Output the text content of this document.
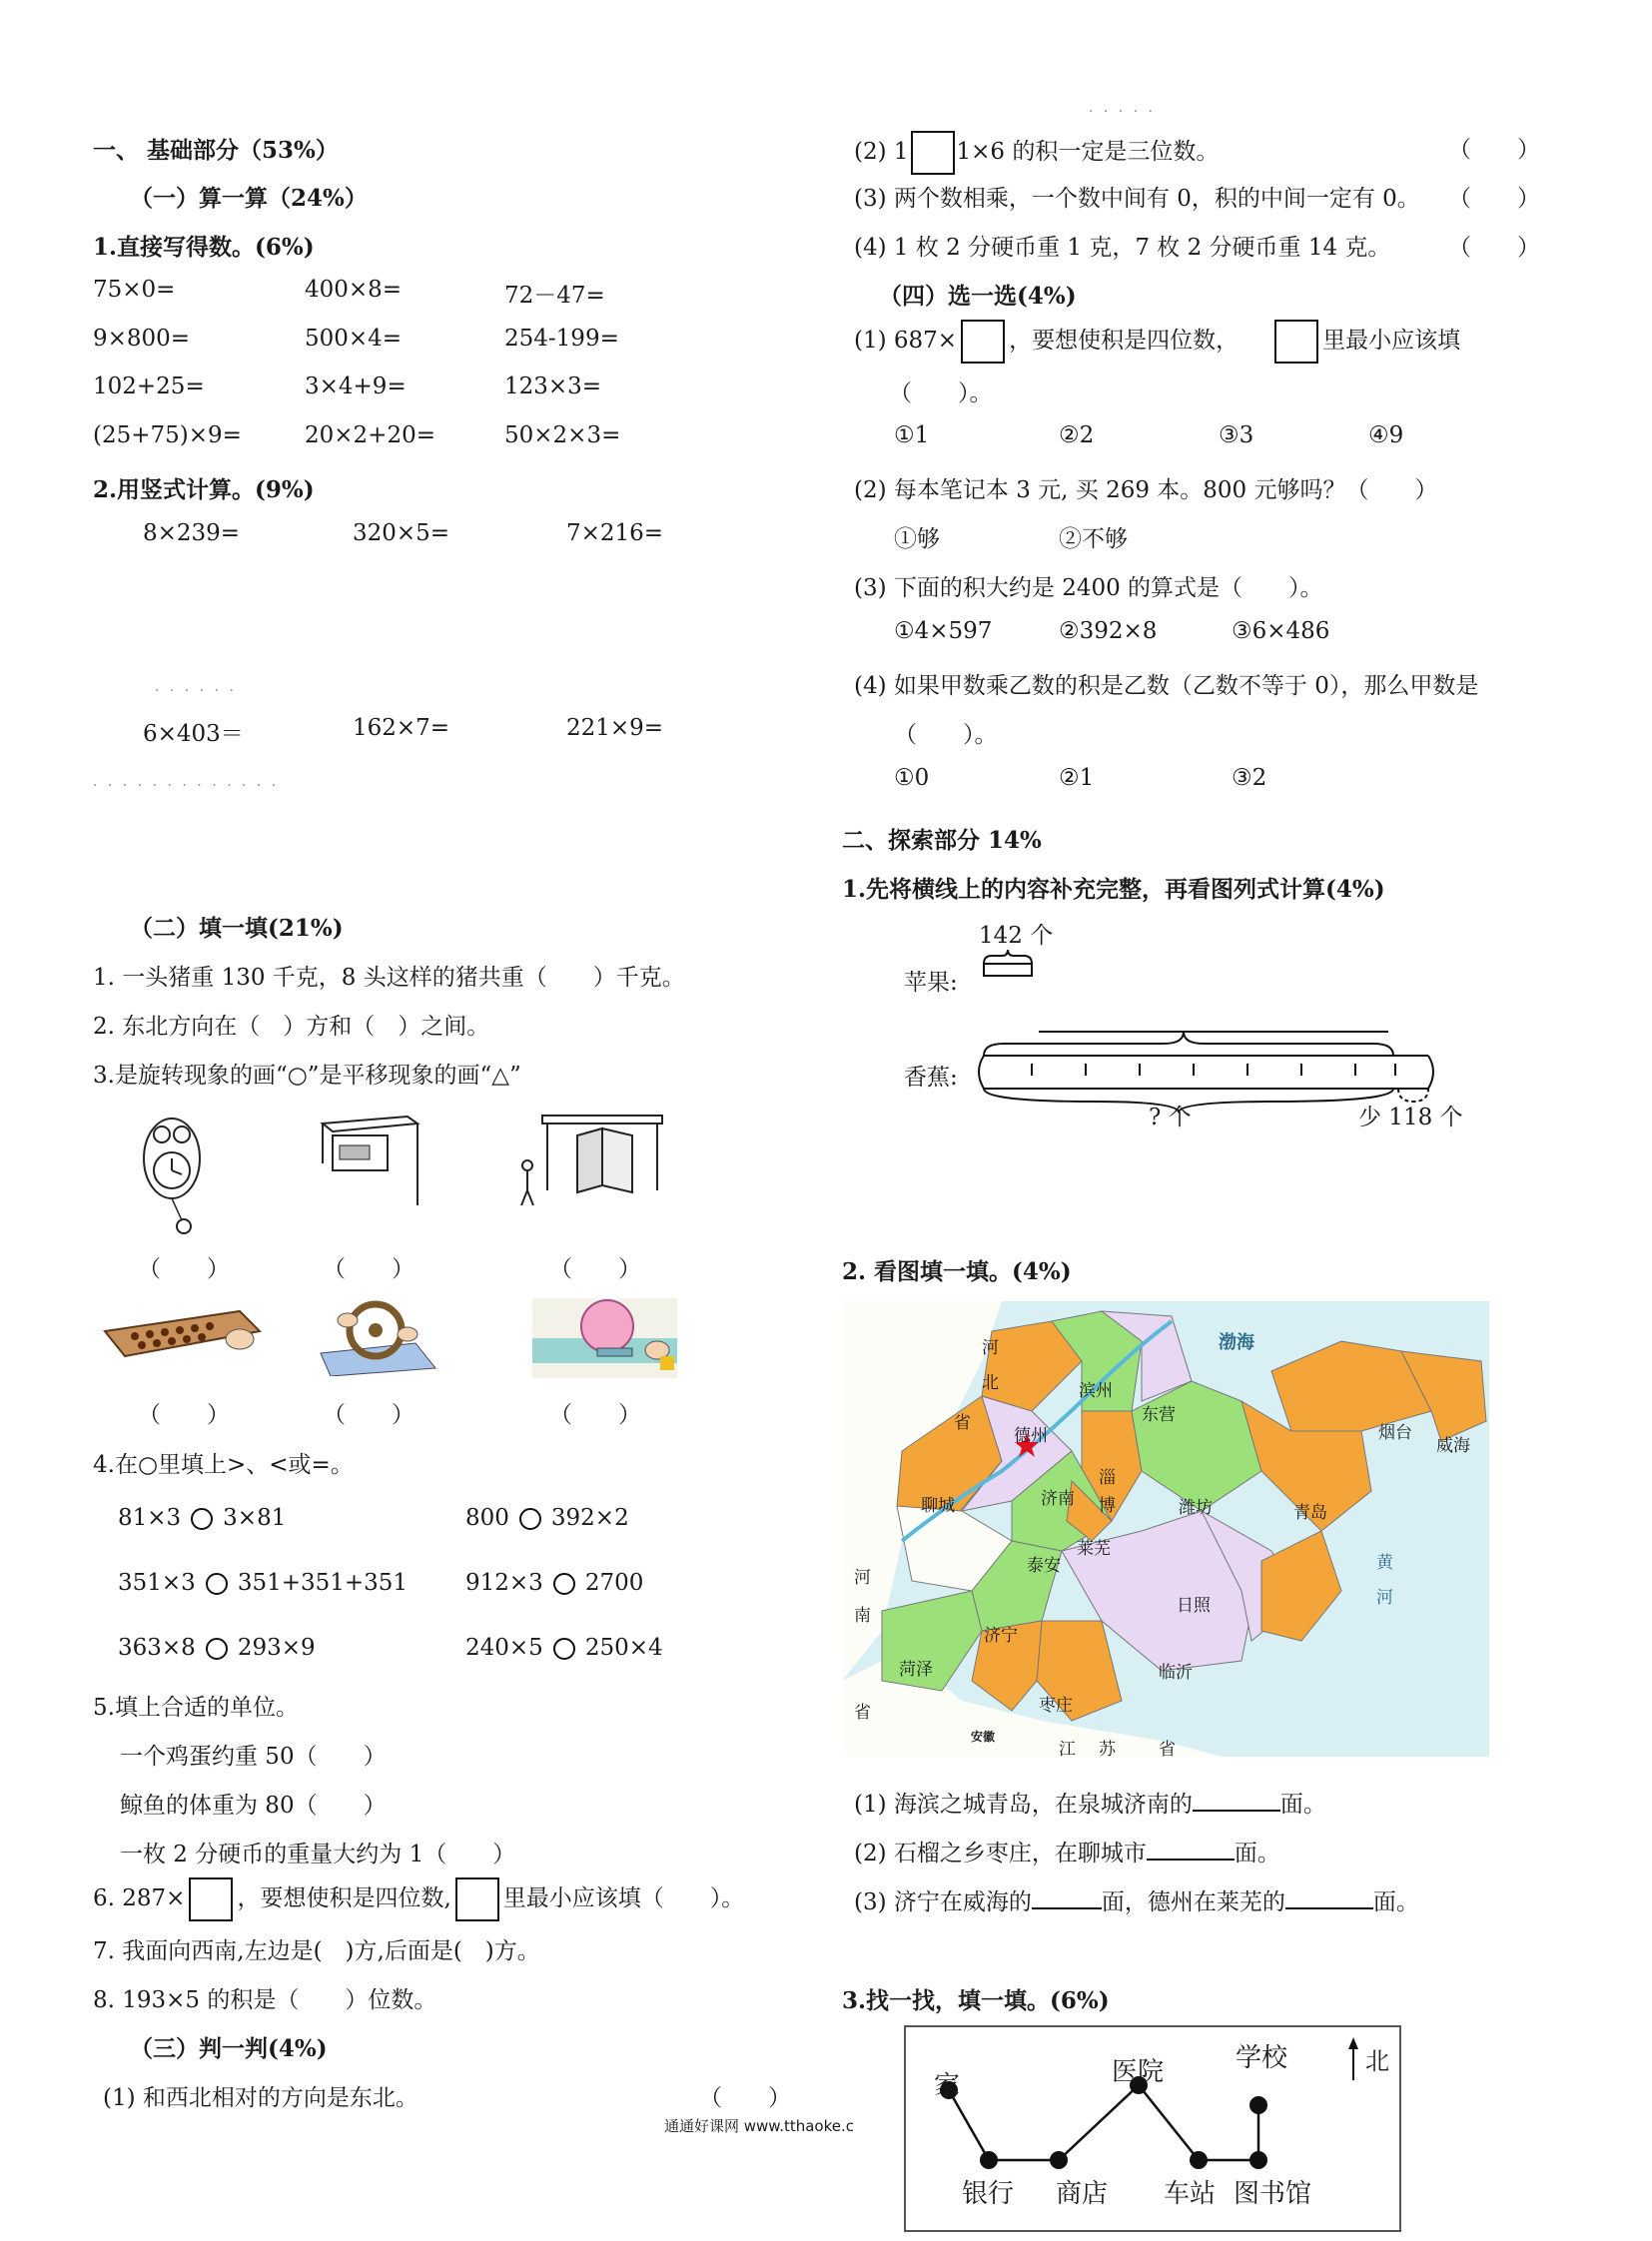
. . . . .
一、 基础部分（53%）
（一）算一算（24%）
1.直接写得数。(6%)
75×0=	400×8=	72－47=
9×800=	500×4=	254-199=
102+25=	3×4+9=	123×3=
(25+75)×9=	20×2+20=	50×2×3=
2.用竖式计算。(9%)
8×239=	320×5=	7×216=
. . . . . .
6×403＝	162×7=	221×9=
. . . . . . . . . . . . .
（二）填一填(21%)
1. 一头猪重 130 千克，8 头这样的猪共重（　　）千克。
2. 东北方向在（　）方和（　）之间。
3.是旋转现象的画“○”是平移现象的画“△”
（　　）	（　　）	（　　）
（　　）	（　　）	（　　）
4.在○里填上>、<或=。
81×3 3×81	800 392×2
351×3 351+351+351	912×3 2700
363×8 293×9	240×5 250×4
5.填上合适的单位。
一个鸡蛋约重 50（　　）
鲸鱼的体重为 80（　　）
一枚 2 分硬币的重量大约为 1（　　）
6. 287× ，要想使积是四位数, 里最小应该填（　　）。
7. 我面向西南,左边是(　)方,后面是(　)方。
8. 193×5 的积是（　　）位数。
（三）判一判(4%)
(1) 和西北相对的方向是东北。	（　　）
(2) 1 1×6 的积一定是三位数。	（　　）
(3) 两个数相乘，一个数中间有 0，积的中间一定有 0。 （　　）
(4) 1 枚 2 分硬币重 1 克，7 枚 2 分硬币重 14 克。	（　　）
（四）选一选(4%)
(1) 687× ，要想使积是四位数，	里最小应该填
（　　）。
①1	②2	③3	④9
(2) 每本笔记本 3 元, 买 269 本。800 元够吗？（　　）
①够	②不够
(3) 下面的积大约是 2400 的算式是（　　）。
①4×597	②392×8	③6×486
(4) 如果甲数乘乙数的积是乙数（乙数不等于 0），那么甲数是
（　　）。
①0	②1	③2
二、探索部分 14%
1.先将横线上的内容补充完整，再看图列式计算(4%)
142 个
苹果:
香蕉:
? 个	少 118 个
2. 看图填一填。(4%)
河
北
省
渤海
德州
滨州
东营
烟台
威海
聊城	济南
淄
博	潍坊	青岛
泰安
莱芜
黄
河
河
南
济宁
日照
菏泽	临沂
枣庄
省
安徽
江 苏	省
(1) 海滨之城青岛，在泉城济南的	面。
(2) 石榴之乡枣庄，在聊城市	面。
(3) 济宁在威海的	面，德州在莱芜的	面。
3.找一找，填一填。(6%)
家
银行 商店
医院
车站
学校
图书馆
北
通通好课网 www.tthaoke.c
